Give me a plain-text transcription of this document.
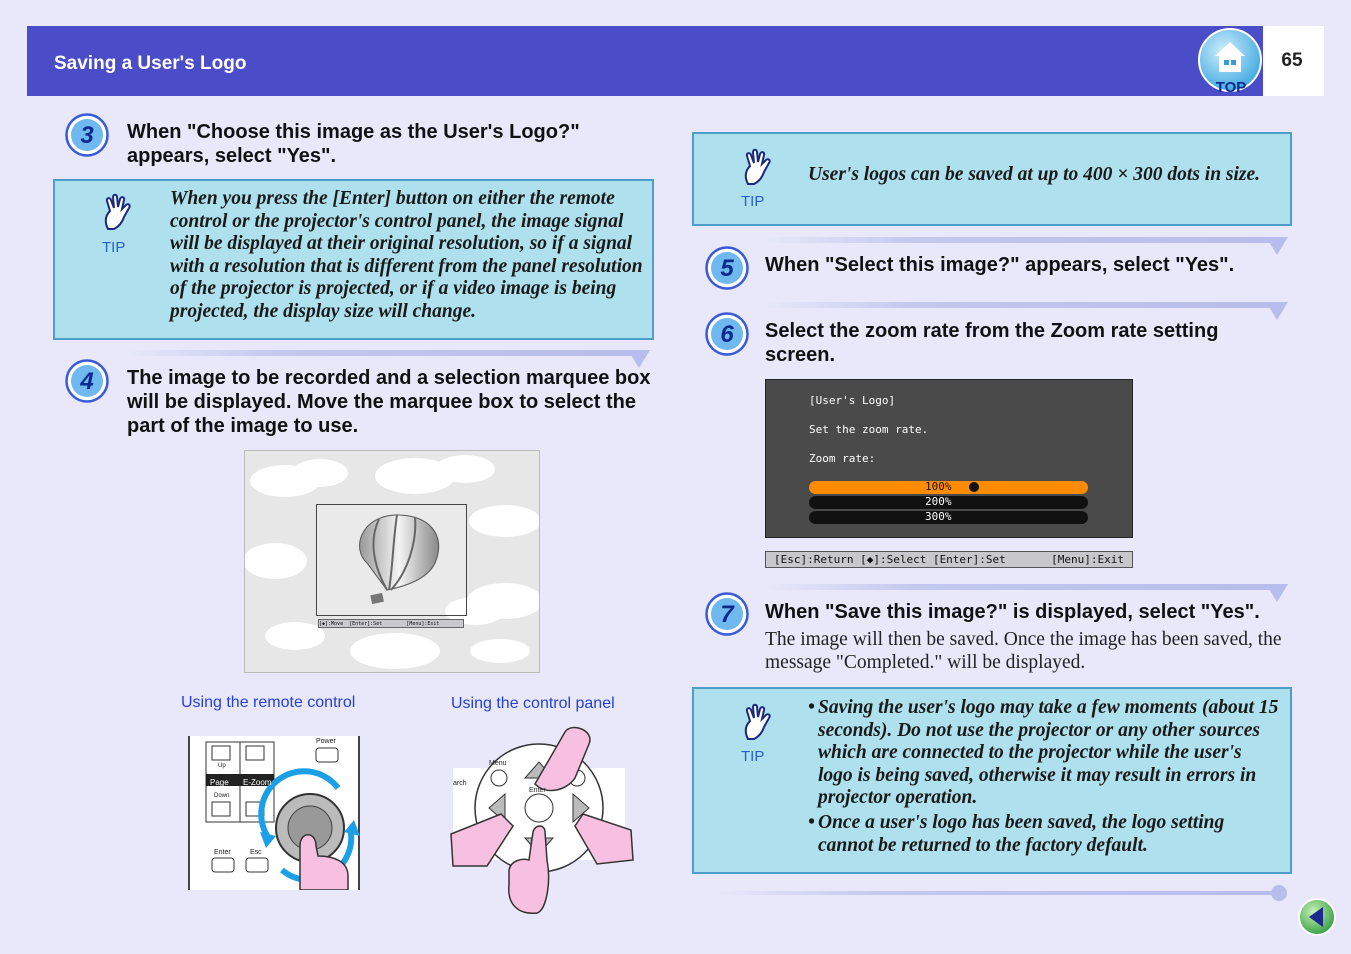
Saving a User's Logo	65
TOP
3 When "Choose this image as the User's Logo?" appears, select "Yes".
TIP
When you press the [Enter] button on either the remote control or the projector's control panel, the image signal will be displayed at their original resolution, so if a signal with a resolution that is different from the panel resolution of the projector is projected, or if a video image is being projected, the display size will change.
4 The image to be recorded and a selection marquee box will be displayed. Move the marquee box to select the part of the image to use.
[◆]:Move  [Enter]:Set        [Menu]:Exit
Using the remote control	Using the control panel
Page E-Zoom
Up
Down
Power
Enter	Esc
Menu
Enter
arch
TIP
User's logos can be saved at up to 400 × 300 dots in size.
5 When "Select this image?" appears, select "Yes".
6 Select the zoom rate from the Zoom rate setting screen.
[User's Logo]
Set the zoom rate.
Zoom rate:
100%
200%
300%
[Esc]:Return [◆]:Select [Enter]:Set	[Menu]:Exit
7 When "Save this image?" is displayed, select "Yes".
The image will then be saved. Once the image has been saved, the message "Completed." will be displayed.
TIP
• Saving the user's logo may take a few moments (about 15 seconds). Do not use the projector or any other sources which are connected to the projector while the user's logo is being saved, otherwise it may result in errors in projector operation.
• Once a user's logo has been saved, the logo setting cannot be returned to the factory default.
